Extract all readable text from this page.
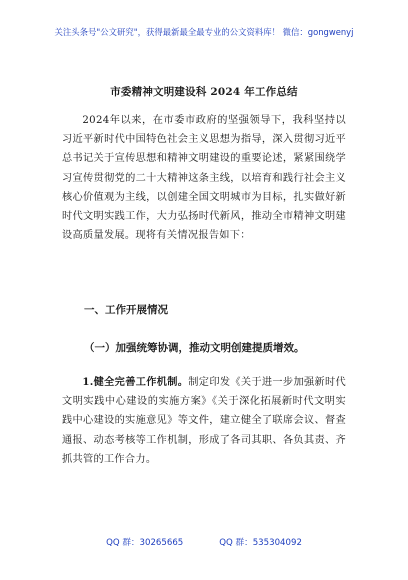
关注头条号"公文研究"，获得最新最全最专业的公文资料库！ 微信：gongwenyj
市委精神文明建设科 2024 年工作总结
2024年以来，在市委市政府的坚强领导下，我科坚持以习近平新时代中国特色社会主义思想为指导，深入贯彻习近平总书记关于宣传思想和精神文明建设的重要论述，紧紧围绕学习宣传贯彻党的二十大精神这条主线，以培育和践行社会主义核心价值观为主线，以创建全国文明城市为目标，扎实做好新时代文明实践工作，大力弘扬时代新风，推动全市精神文明建设高质量发展。现将有关情况报告如下：
一、工作开展情况
（一）加强统筹协调，推动文明创建提质增效。
1.健全完善工作机制。制定印发《关于进一步加强新时代文明实践中心建设的实施方案》《关于深化拓展新时代文明实践中心建设的实施意见》等文件，建立健全了联席会议、督查通报、动态考核等工作机制，形成了各司其职、各负其责、齐抓共管的工作合力。
QQ 群：30265665	QQ 群：535304092
